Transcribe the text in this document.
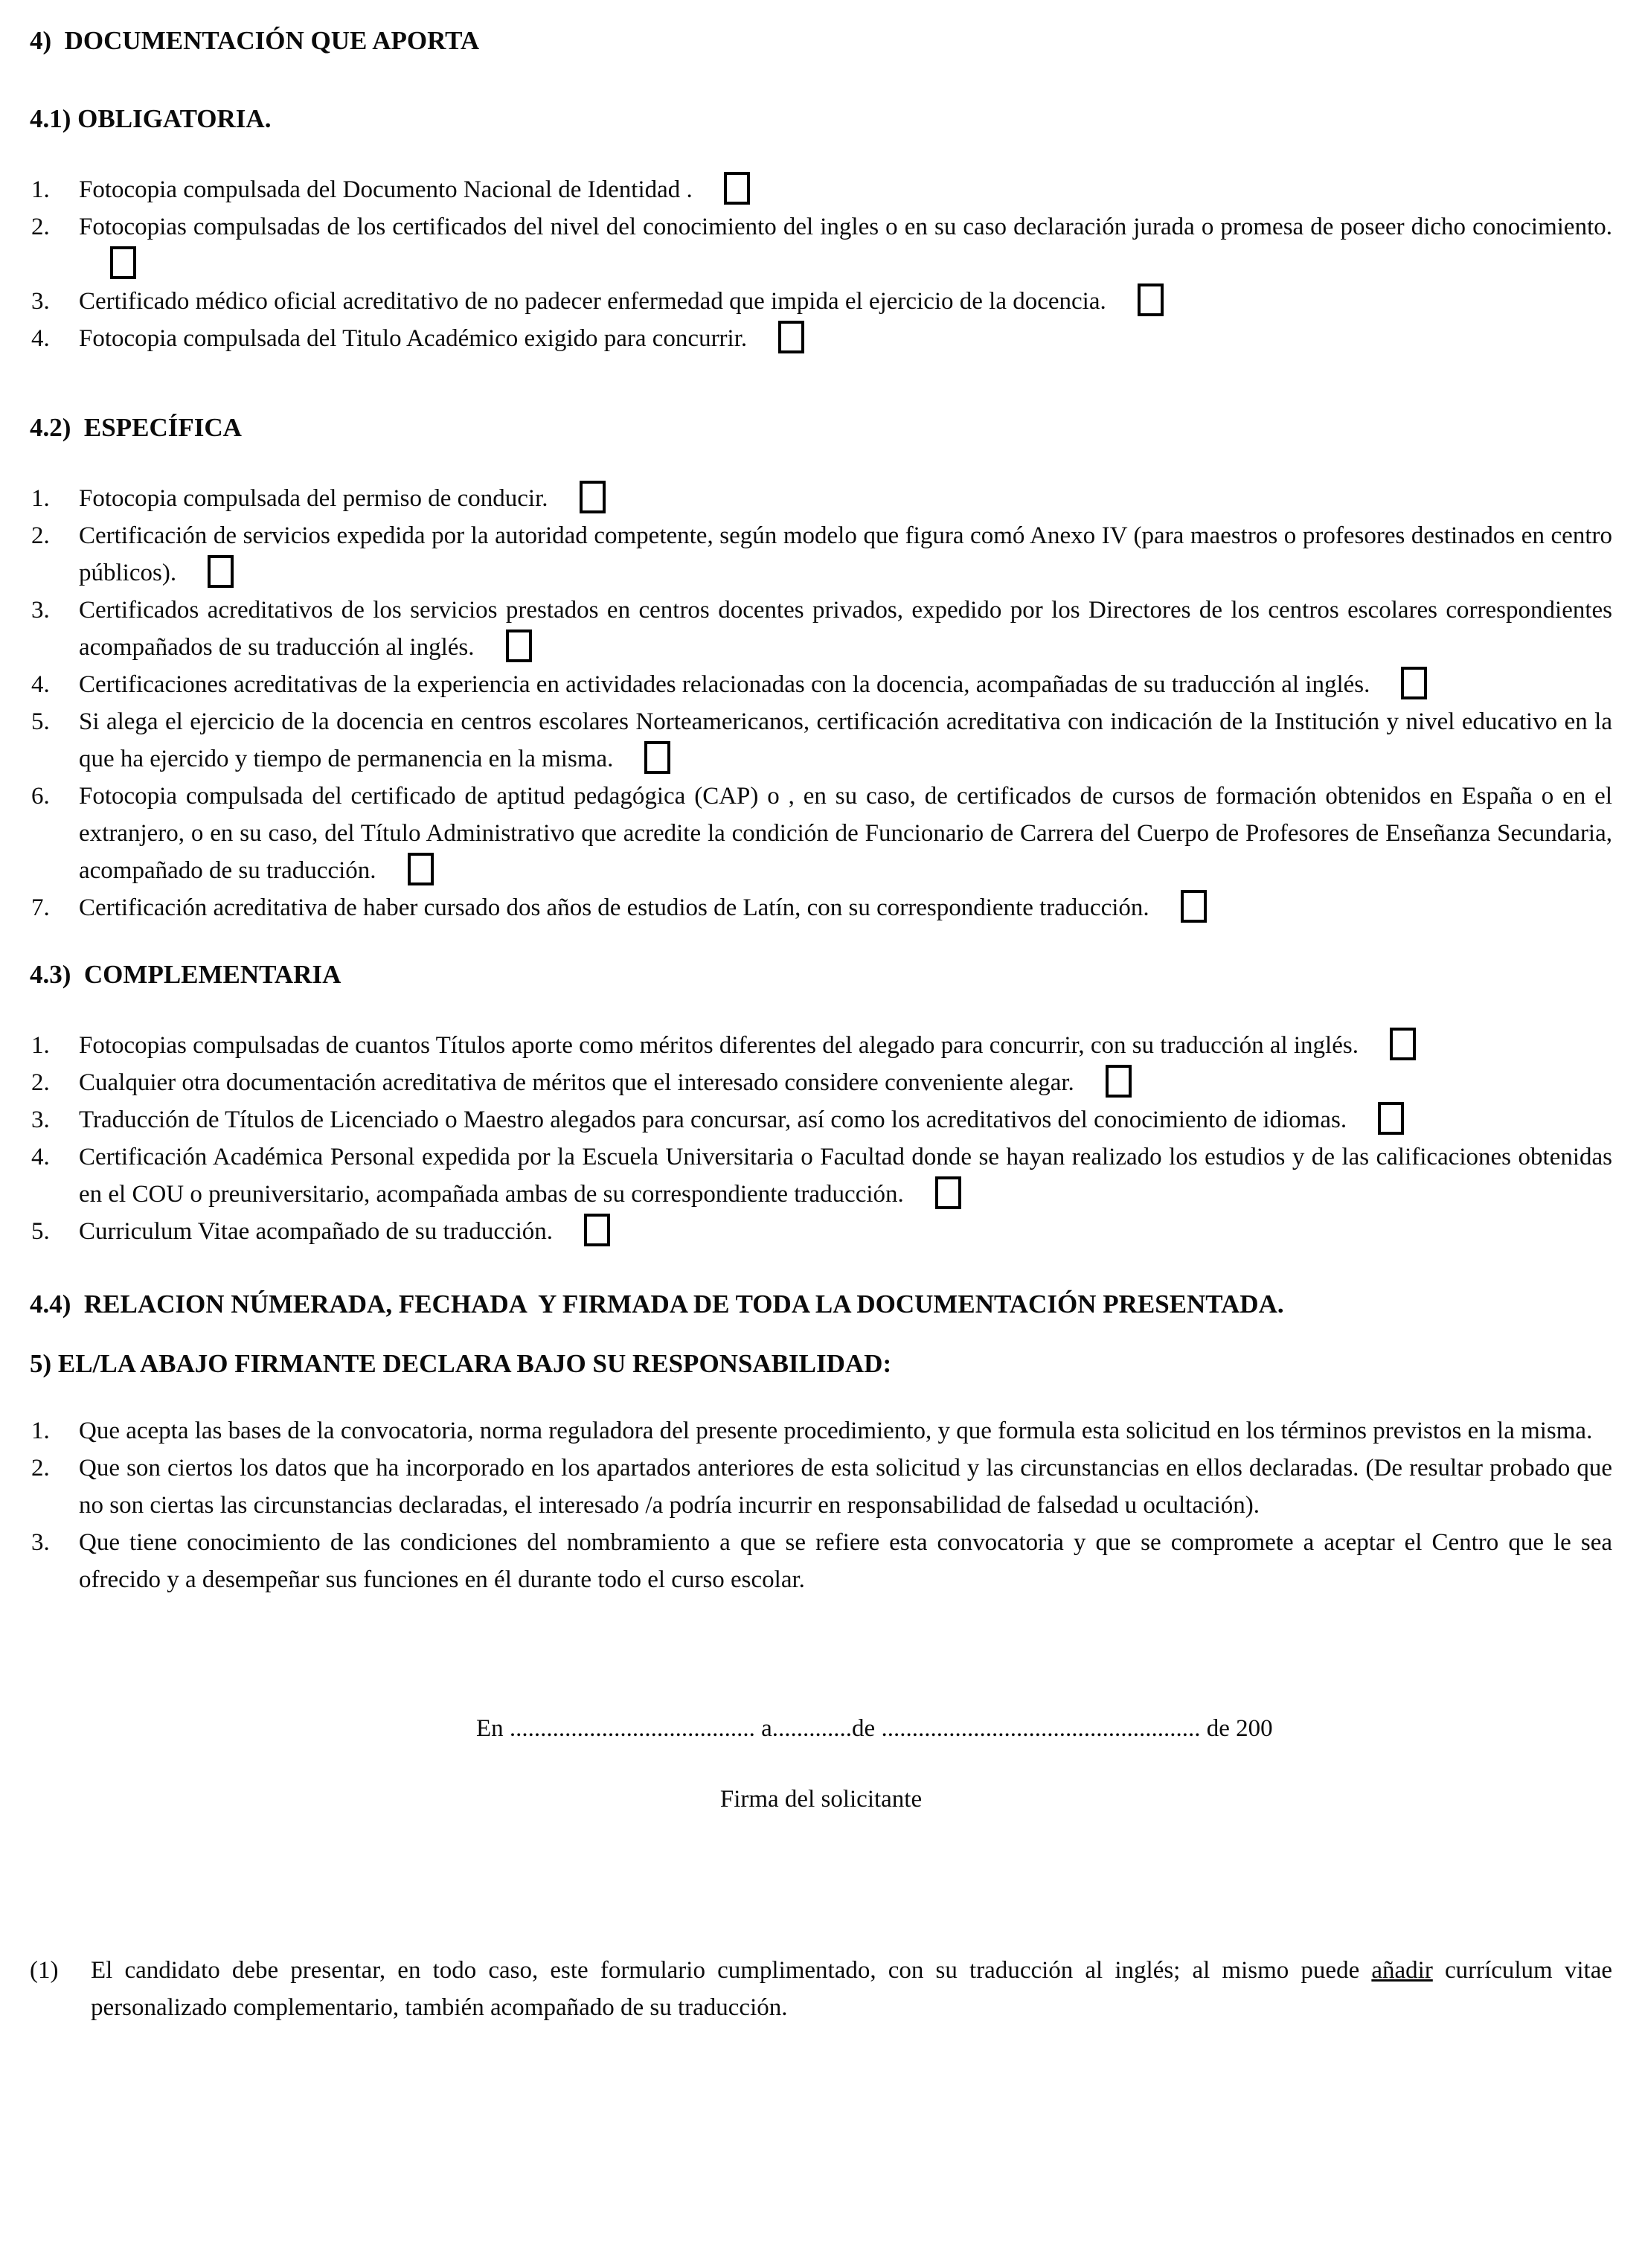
4)  DOCUMENTACIÓN QUE APORTA
4.1) OBLIGATORIA.
1. Fotocopia compulsada del Documento Nacional de Identidad .
2. Fotocopias compulsadas de los certificados del nivel del conocimiento del ingles o en su caso declaración jurada o promesa de poseer dicho conocimiento.
3. Certificado médico oficial acreditativo de no padecer enfermedad que impida el ejercicio de la docencia.
4. Fotocopia compulsada del Titulo Académico exigido para concurrir.
4.2)  ESPECÍFICA
1. Fotocopia compulsada del permiso de conducir.
2. Certificación de servicios expedida por la autoridad competente, según modelo que figura comó Anexo IV (para maestros o profesores destinados en centro públicos).
3. Certificados acreditativos de los servicios prestados en centros docentes privados, expedido por los Directores de los centros escolares correspondientes acompañados de su traducción al inglés.
4. Certificaciones acreditativas de la experiencia en actividades relacionadas con la docencia, acompañadas de su traducción al inglés.
5. Si alega el ejercicio de la docencia en centros escolares Norteamericanos, certificación acreditativa con indicación de la Institución y nivel educativo en la que ha ejercido y tiempo de permanencia en la misma.
6. Fotocopia compulsada del certificado de aptitud pedagógica (CAP) o , en su caso, de certificados de cursos de formación obtenidos en España o en el extranjero, o en su caso, del Título Administrativo que acredite la condición de Funcionario de Carrera del Cuerpo de Profesores de Enseñanza Secundaria, acompañado de su traducción.
7. Certificación acreditativa de haber cursado dos años de estudios de Latín, con su correspondiente traducción.
4.3)  COMPLEMENTARIA
1. Fotocopias compulsadas de cuantos Títulos aporte como méritos diferentes del alegado para concurrir, con su traducción al inglés.
2. Cualquier otra documentación acreditativa de méritos que el interesado considere conveniente alegar.
3. Traducción de Títulos de Licenciado o Maestro alegados para concursar, así como los acreditativos del conocimiento de idiomas.
4. Certificación Académica Personal expedida por la Escuela Universitaria o Facultad donde se hayan realizado los estudios y de las calificaciones obtenidas en el COU o preuniversitario, acompañada ambas de su correspondiente traducción.
5. Curriculum Vitae acompañado de su traducción.
4.4)  RELACION NÚMERADA, FECHADA  Y FIRMADA DE TODA LA DOCUMENTACIÓN PRESENTADA.
5) EL/LA ABAJO FIRMANTE DECLARA BAJO SU RESPONSABILIDAD:
1. Que acepta las bases de la convocatoria, norma reguladora del presente procedimiento, y que formula esta solicitud en los términos previstos en la misma.
2. Que son ciertos los datos que ha incorporado en los apartados anteriores de esta solicitud y las circunstancias en ellos declaradas. (De resultar probado que no son ciertas las circunstancias declaradas, el interesado /a podría incurrir en responsabilidad de falsedad u ocultación).
3. Que tiene conocimiento de las condiciones del nombramiento a que se refiere esta convocatoria y que se compromete a aceptar el Centro que le sea ofrecido y a desempeñar sus funciones en él durante todo el curso escolar.
En ........................................ a.............de .................................................... de 200
Firma del solicitante
(1) El candidato debe presentar, en todo caso, este formulario cumplimentado, con su traducción al inglés; al mismo puede añadir currículum vitae personalizado complementario, también acompañado de su traducción.
